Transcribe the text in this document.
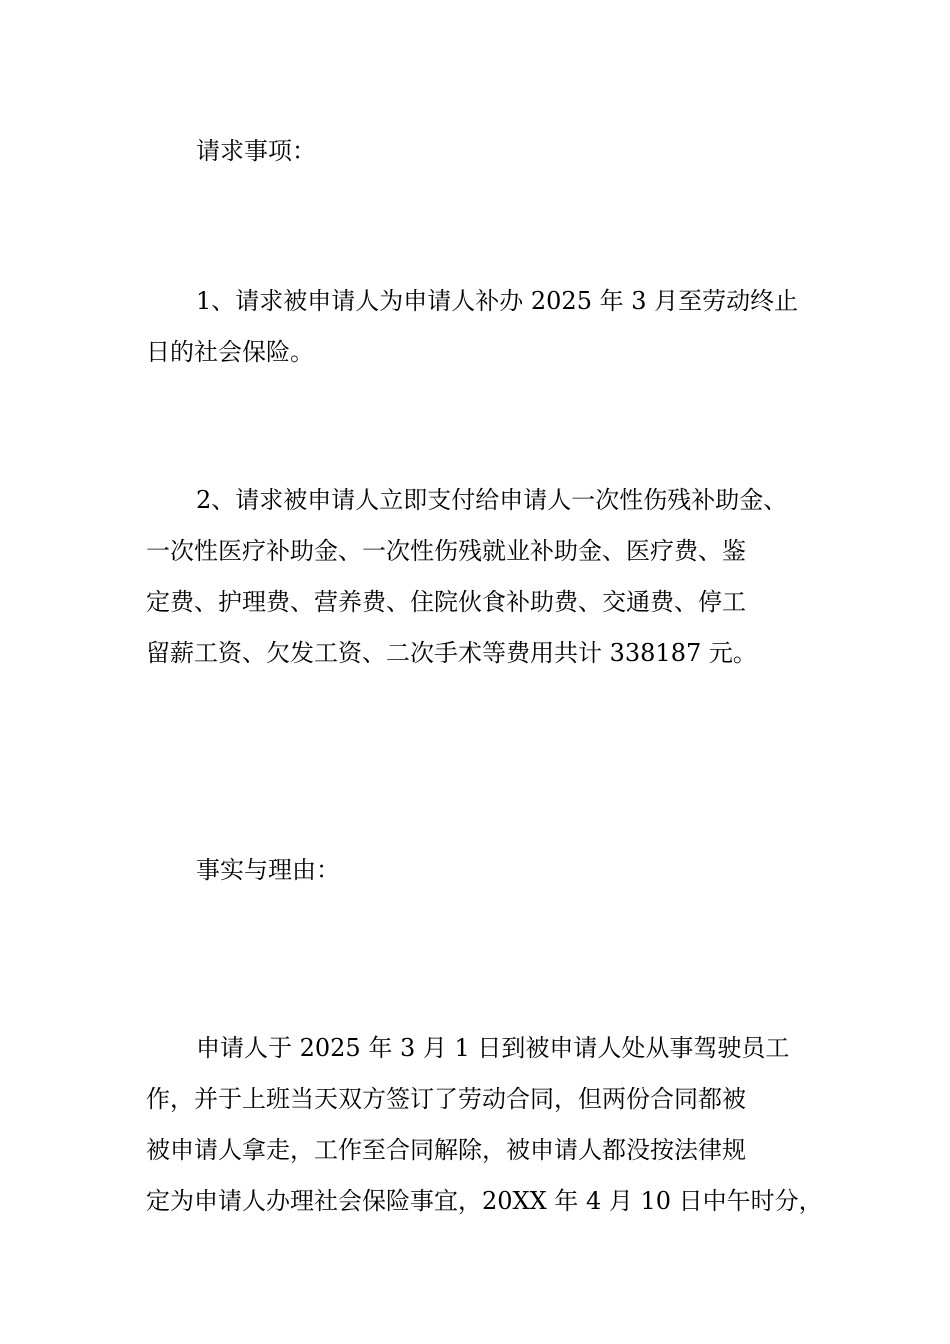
请求事项：

1、请求被申请人为申请人补办 2025 年 3 月至劳动终止
日的社会保险。
2、请求被申请人立即支付给申请人一次性伤残补助金、
一次性医疗补助金、一次性伤残就业补助金、医疗费、鉴
定费、护理费、营养费、住院伙食补助费、交通费、停工
留薪工资、欠发工资、二次手术等费用共计 338187 元。

事实与理由：

申请人于 2025 年 3 月 1 日到被申请人处从事驾驶员工
作，并于上班当天双方签订了劳动合同，但两份合同都被
被申请人拿走，工作至合同解除，被申请人都没按法律规
定为申请人办理社会保险事宜，20XX 年 4 月 10 日中午时分，
